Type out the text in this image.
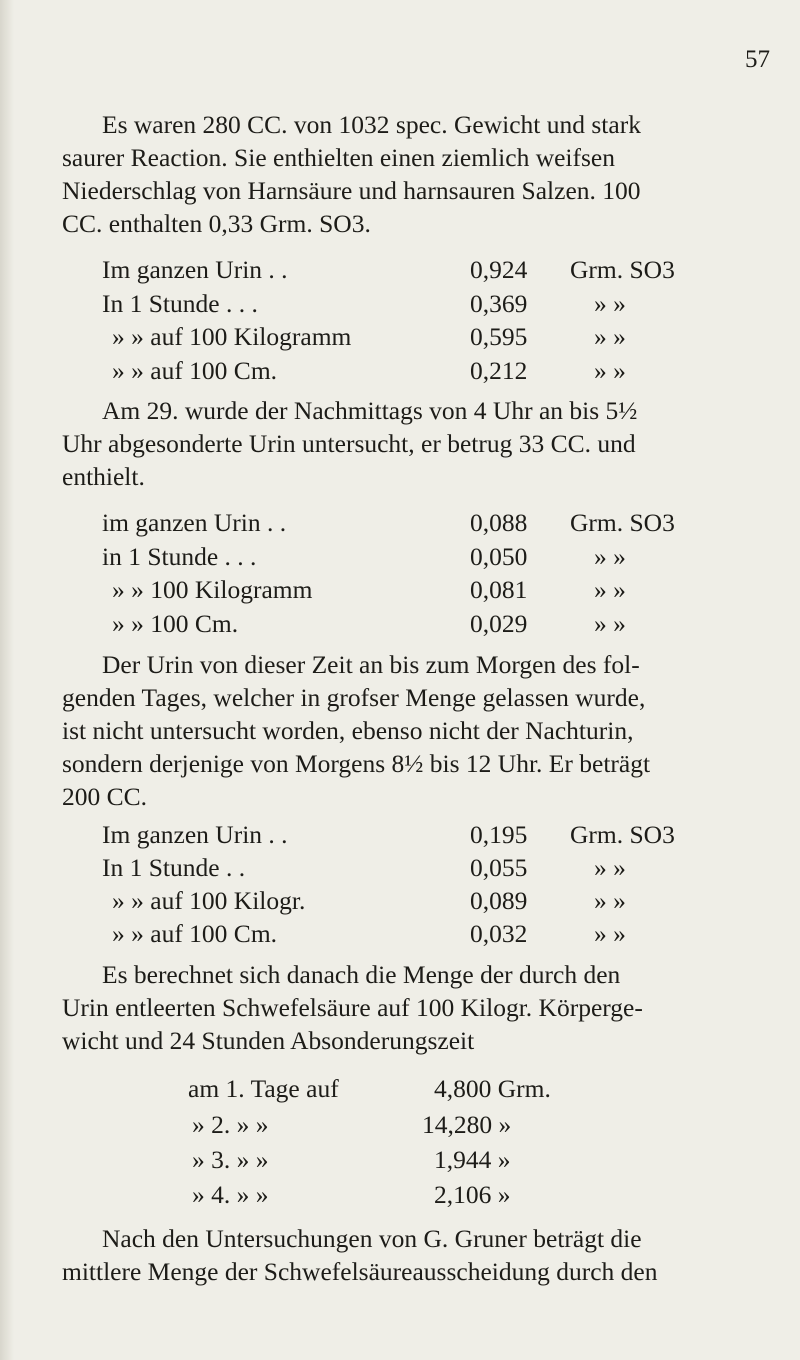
57
Es waren 280 CC. von 1032 spec. Gewicht und stark
saurer Reaction. Sie enthielten einen ziemlich weifsen
Niederschlag von Harnsäure und harnsauren Salzen. 100
CC. enthalten 0,33 Grm. SO3.
Im ganzen Urin . .	0,924 Grm. SO3
In 1 Stunde . . .	0,369	» »
» » auf 100 Kilogramm	0,595	» »
» » auf 100 Cm.	0,212	» »
Am 29. wurde der Nachmittags von 4 Uhr an bis 5½
Uhr abgesonderte Urin untersucht, er betrug 33 CC. und
enthielt.
im ganzen Urin . .	0,088 Grm. SO3
in 1 Stunde . . .	0,050	» »
» » 100 Kilogramm	0,081	» »
» » 100 Cm.	0,029	» »
Der Urin von dieser Zeit an bis zum Morgen des fol-
genden Tages, welcher in grofser Menge gelassen wurde,
ist nicht untersucht worden, ebenso nicht der Nachturin,
sondern derjenige von Morgens 8½ bis 12 Uhr. Er beträgt
200 CC.
Im ganzen Urin . .	0,195 Grm. SO3
In 1 Stunde . .	0,055	» »
» » auf 100 Kilogr.	0,089	» »
» » auf 100 Cm.	0,032	» »
Es berechnet sich danach die Menge der durch den
Urin entleerten Schwefelsäure auf 100 Kilogr. Körperge-
wicht und 24 Stunden Absonderungszeit
am 1. Tage auf	4,800 Grm.
» 2. » »	14,280 »
» 3. » »	1,944 »
» 4. » »	2,106 »
Nach den Untersuchungen von G. Gruner beträgt die
mittlere Menge der Schwefelsäureausscheidung durch den
